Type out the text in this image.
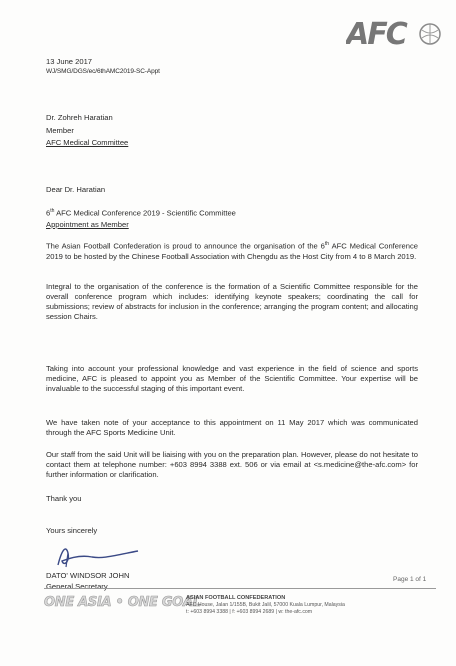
AFC

13 June 2017

WJ/SMG/DGS/ec/6thAMC2019-SC-Appt

Dr. Zohreh Haratian
Member
AFC Medical Committee

Dear Dr. Haratian

6th AFC Medical Conference 2019 - Scientific Committee
Appointment as Member

The Asian Football Confederation is proud to announce the organisation of the 6th AFC Medical Conference 2019 to be hosted by the Chinese Football Association with Chengdu as the Host City from 4 to 8 March 2019.

Integral to the organisation of the conference is the formation of a Scientific Committee responsible for the overall conference program which includes: identifying keynote speakers; coordinating the call for submissions; review of abstracts for inclusion in the conference; arranging the program content; and allocating session Chairs.

Taking into account your professional knowledge and vast experience in the field of science and sports medicine, AFC is pleased to appoint you as Member of the Scientific Committee. Your expertise will be invaluable to the successful staging of this important event.

We have taken note of your acceptance to this appointment on 11 May 2017 which was communicated through the AFC Sports Medicine Unit.

Our staff from the said Unit will be liaising with you on the preparation plan. However, please do not hesitate to contact them at telephone number: +603 8994 3388 ext. 506 or via email at <s.medicine@the-afc.com> for further information or clarification.

Thank you

Yours sincerely

DATO' WINDSOR JOHN
General Secretary
Page 1 of 1
ONE ASIA • ONE GOAL
ASIAN FOOTBALL CONFEDERATION
AFC House, Jalan 1/155B, Bukit Jalil, 57000 Kuala Lumpur, Malaysia
t: +603 8994 3388 | f: +603 8994 2689 | w: the-afc.com
